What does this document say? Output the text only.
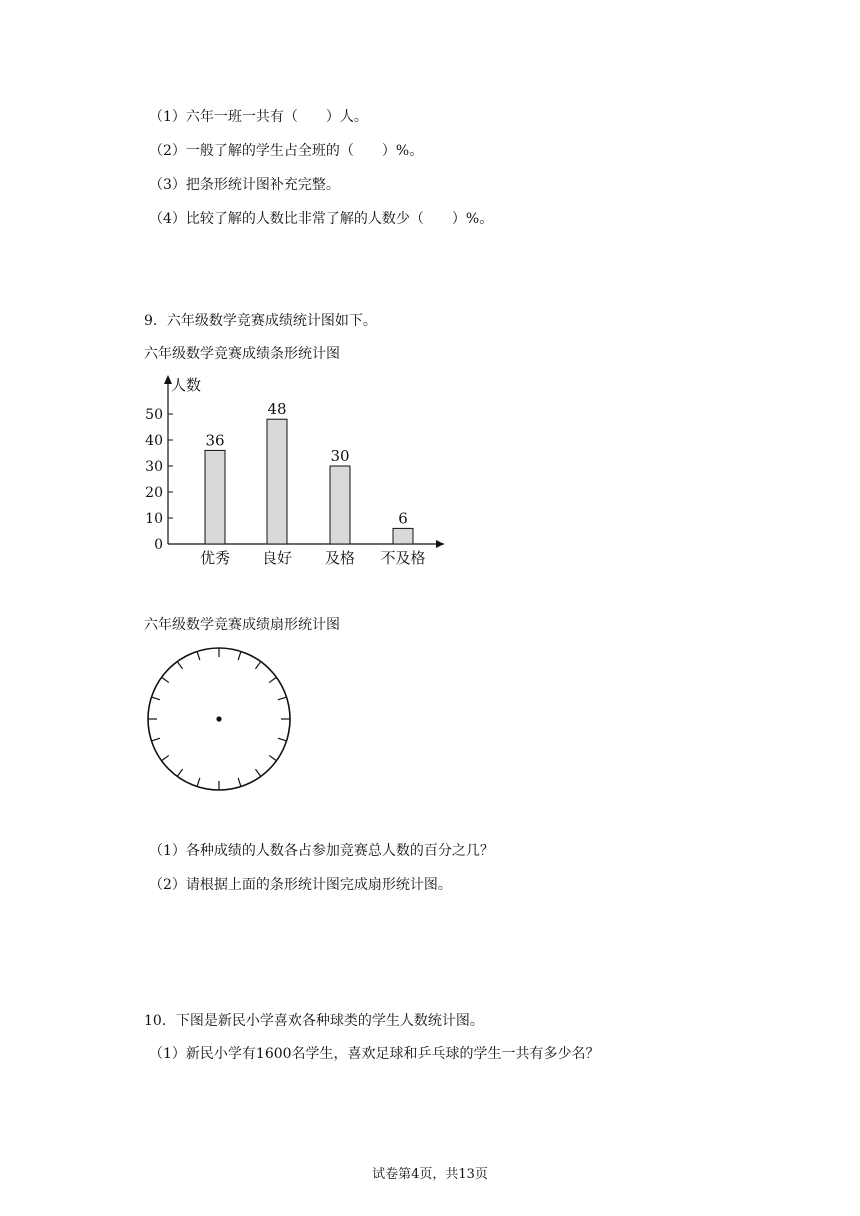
（1）六年一班一共有（　　）人。
（2）一般了解的学生占全班的（　　）%。
（3）把条形统计图补充完整。
（4）比较了解的人数比非常了解的人数少（　　）%。
9．六年级数学竞赛成绩统计图如下。
六年级数学竞赛成绩条形统计图
人数
0
10
20
30
40
50
36
优秀
48
良好
30
及格
6
不及格
六年级数学竞赛成绩扇形统计图
（1）各种成绩的人数各占参加竞赛总人数的百分之几？
（2）请根据上面的条形统计图完成扇形统计图。
10．下图是新民小学喜欢各种球类的学生人数统计图。
（1）新民小学有1600名学生，喜欢足球和乒乓球的学生一共有多少名？
试卷第4页，共13页
